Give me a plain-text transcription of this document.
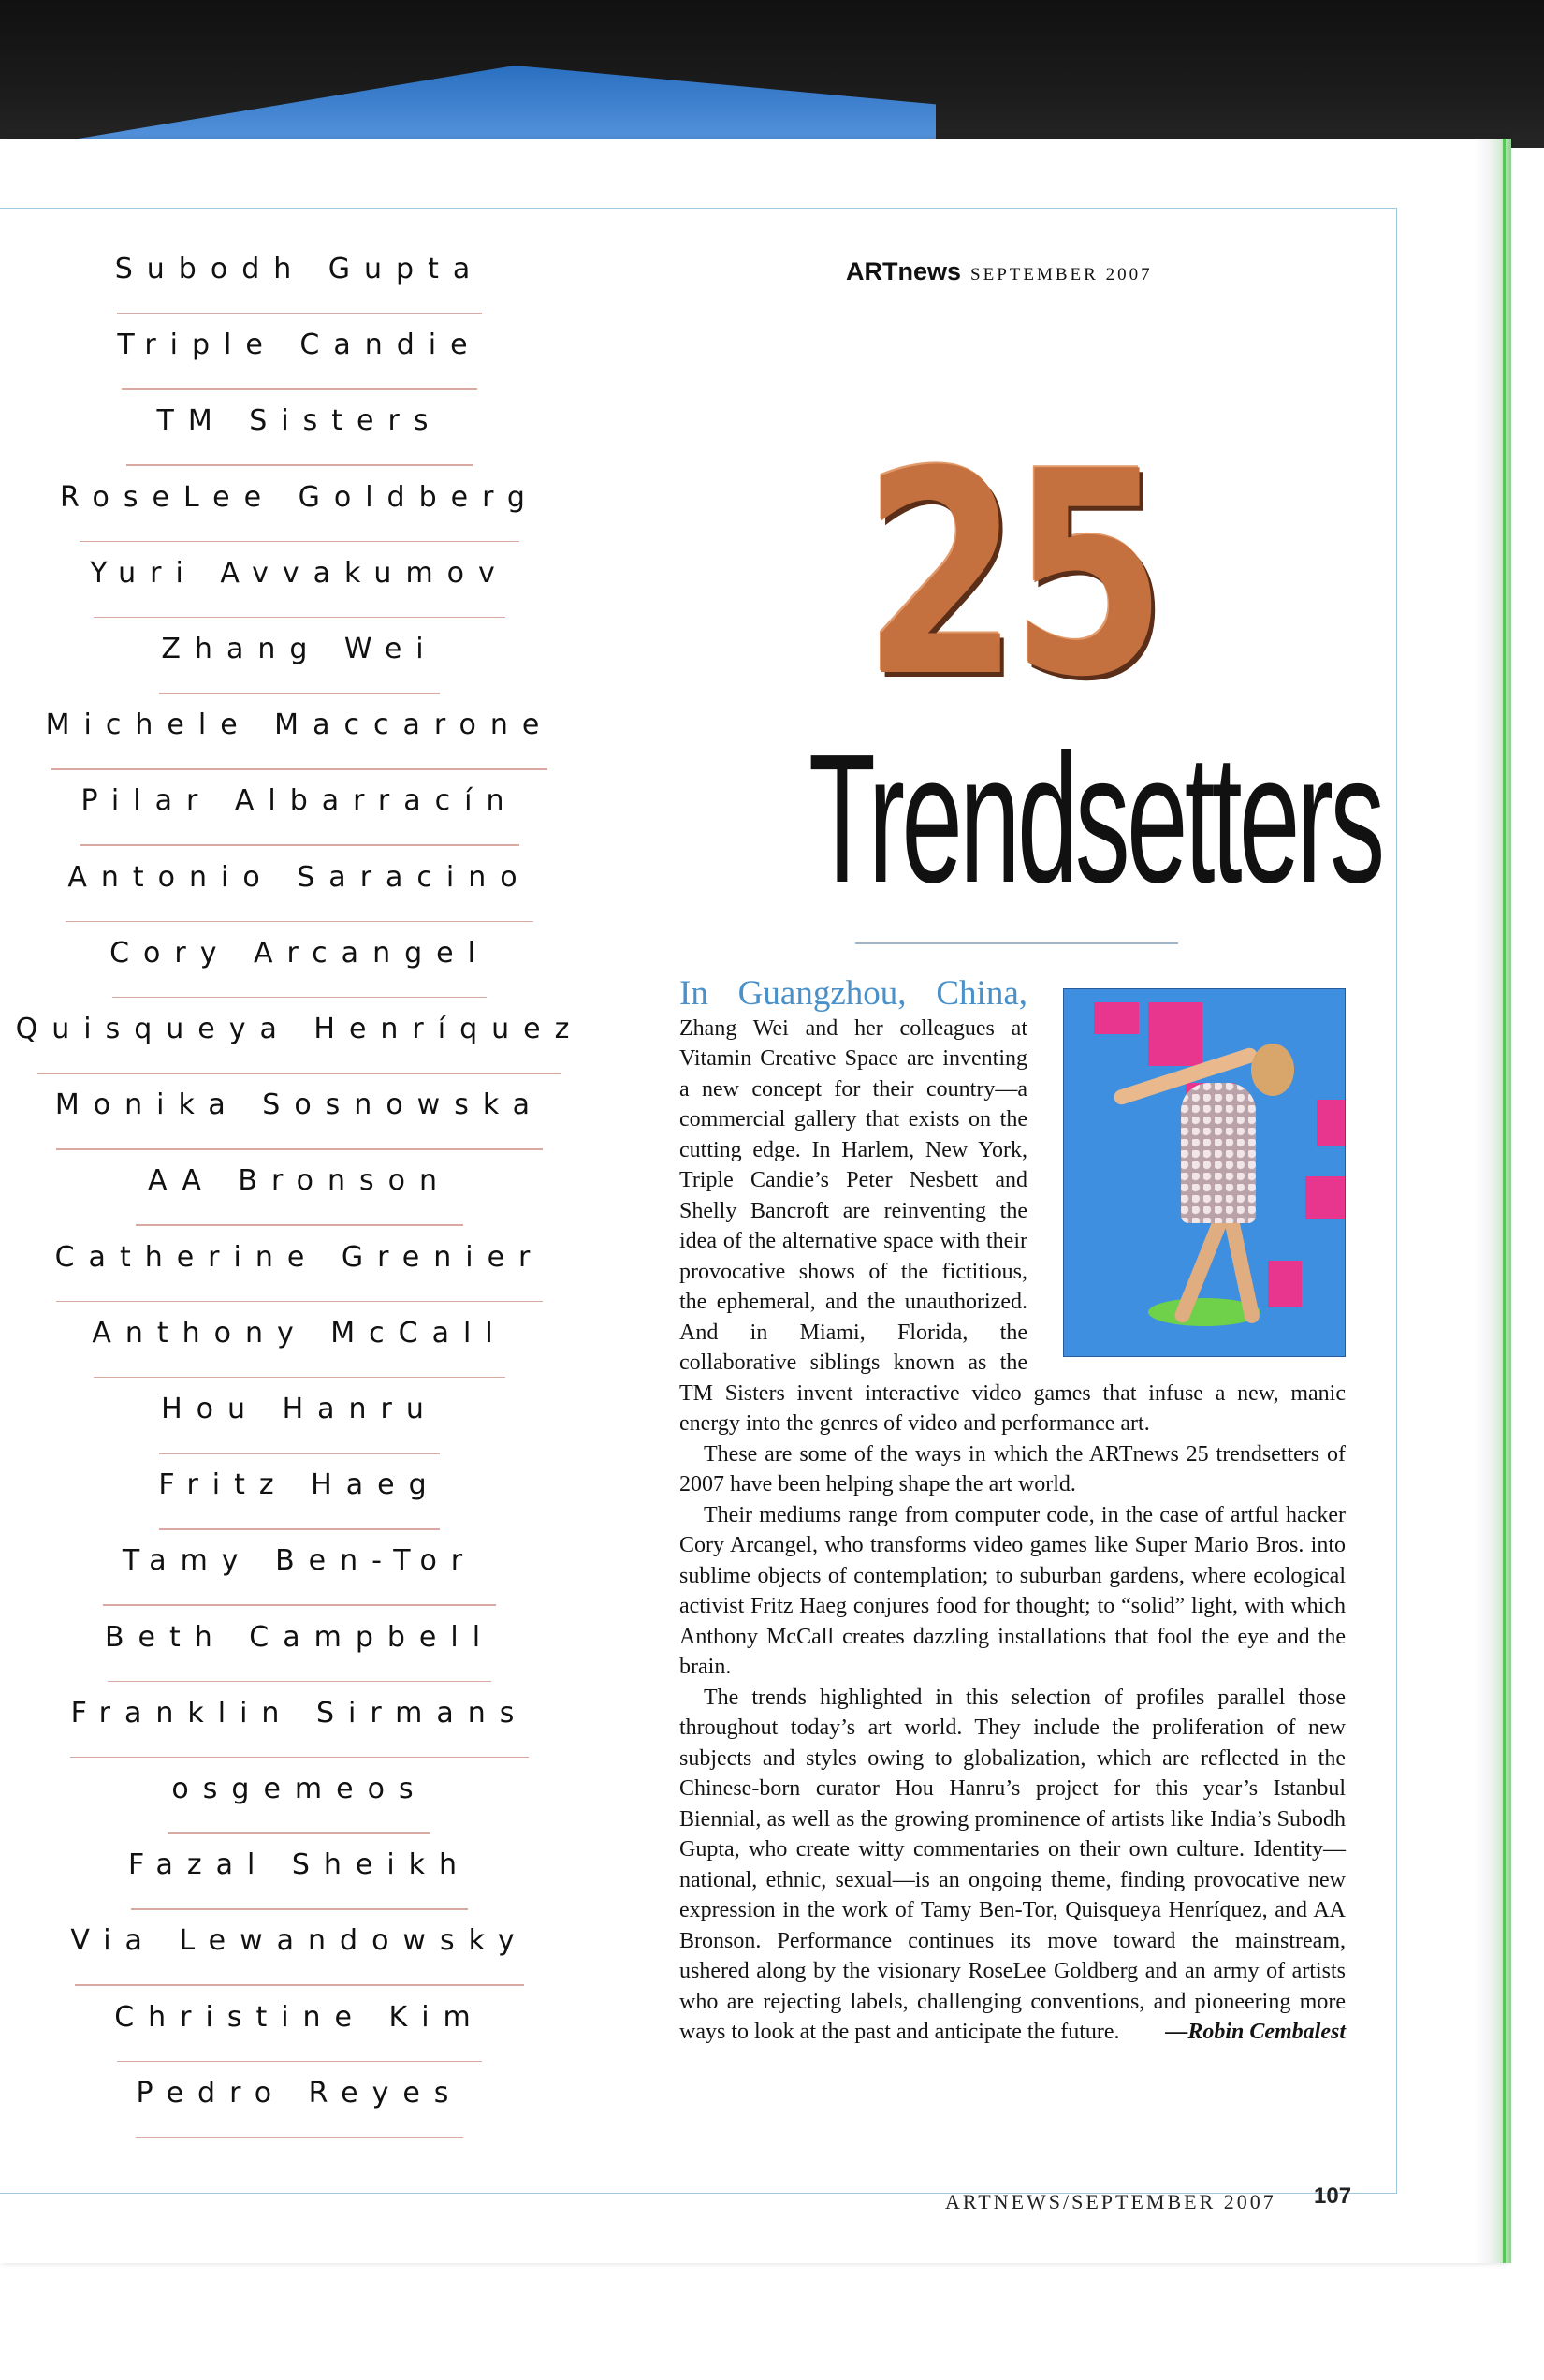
Subodh Gupta
Triple Candie
TM Sisters
RoseLee Goldberg
Yuri Avvakumov
Zhang Wei
Michele Maccarone
Pilar Albarracín
Antonio Saracino
Cory Arcangel
Quisqueya Henríquez
Monika Sosnowska
AA Bronson
Catherine Grenier
Anthony McCall
Hou Hanru
Fritz Haeg
Tamy Ben-Tor
Beth Campbell
Franklin Sirmans
osgemeos
Fazal Sheikh
Via Lewandowsky
Christine Kim
Pedro Reyes
ARTnews SEPTEMBER 2007
25
Trendsetters

In Guangzhou, China, Zhang Wei and her colleagues at Vitamin Creative Space are inventing a new concept for their country—a commercial gallery that exists on the cutting edge. In Harlem, New York, Triple Candie’s Peter Nesbett and Shelly Bancroft are reinventing the idea of the alternative space with their provocative shows of the fictitious, the ephemeral, and the unauthorized. And in Miami, Florida, the collaborative siblings known as the TM Sisters invent interactive video games that infuse a new, manic energy into the genres of video and performance art.

These are some of the ways in which the ARTnews 25 trendsetters of 2007 have been helping shape the art world.

Their mediums range from computer code, in the case of artful hacker Cory Arcangel, who transforms video games like Super Mario Bros. into sublime objects of contemplation; to suburban gardens, where ecological activist Fritz Haeg conjures food for thought; to “solid” light, with which Anthony McCall creates dazzling installations that fool the eye and the brain.

The trends highlighted in this selection of profiles parallel those throughout today’s art world. They include the proliferation of new subjects and styles owing to globalization, which are reflected in the Chinese-born curator Hou Hanru’s project for this year’s Istanbul Biennial, as well as the growing prominence of artists like India’s Subodh Gupta, who create witty commentaries on their own culture. Identity—national, ethnic, sexual—is an ongoing theme, finding provocative new expression in the work of Tamy Ben-Tor, Quisqueya Henríquez, and AA Bronson. Performance continues its move toward the mainstream, ushered along by the visionary RoseLee Goldberg and an army of artists who are rejecting labels, challenging conventions, and pioneering more ways to look at the past and anticipate the future.	—Robin Cembalest

ARTNEWS/SEPTEMBER 2007 107
